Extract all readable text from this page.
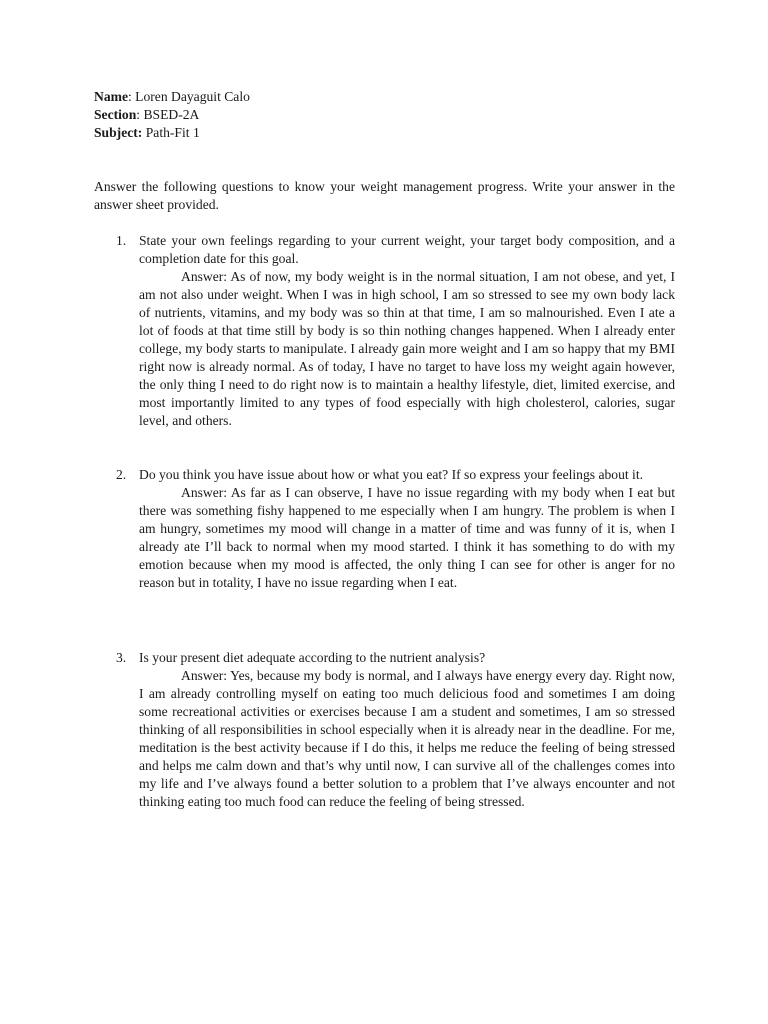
Name: Loren Dayaguit Calo
Section: BSED-2A
Subject: Path-Fit 1
Answer the following questions to know your weight management progress. Write your answer in the answer sheet provided.
1. State your own feelings regarding to your current weight, your target body composition, and a completion date for this goal.
Answer: As of now, my body weight is in the normal situation, I am not obese, and yet, I am not also under weight. When I was in high school, I am so stressed to see my own body lack of nutrients, vitamins, and my body was so thin at that time, I am so malnourished. Even I ate a lot of foods at that time still by body is so thin nothing changes happened. When I already enter college, my body starts to manipulate. I already gain more weight and I am so happy that my BMI right now is already normal. As of today, I have no target to have loss my weight again however, the only thing I need to do right now is to maintain a healthy lifestyle, diet, limited exercise, and most importantly limited to any types of food especially with high cholesterol, calories, sugar level, and others.
2. Do you think you have issue about how or what you eat? If so express your feelings about it.
Answer: As far as I can observe, I have no issue regarding with my body when I eat but there was something fishy happened to me especially when I am hungry. The problem is when I am hungry, sometimes my mood will change in a matter of time and was funny of it is, when I already ate I’ll back to normal when my mood started. I think it has something to do with my emotion because when my mood is affected, the only thing I can see for other is anger for no reason but in totality, I have no issue regarding when I eat.
3. Is your present diet adequate according to the nutrient analysis?
Answer: Yes, because my body is normal, and I always have energy every day. Right now, I am already controlling myself on eating too much delicious food and sometimes I am doing some recreational activities or exercises because I am a student and sometimes, I am so stressed thinking of all responsibilities in school especially when it is already near in the deadline. For me, meditation is the best activity because if I do this, it helps me reduce the feeling of being stressed and helps me calm down and that’s why until now, I can survive all of the challenges comes into my life and I’ve always found a better solution to a problem that I’ve always encounter and not thinking eating too much food can reduce the feeling of being stressed.
